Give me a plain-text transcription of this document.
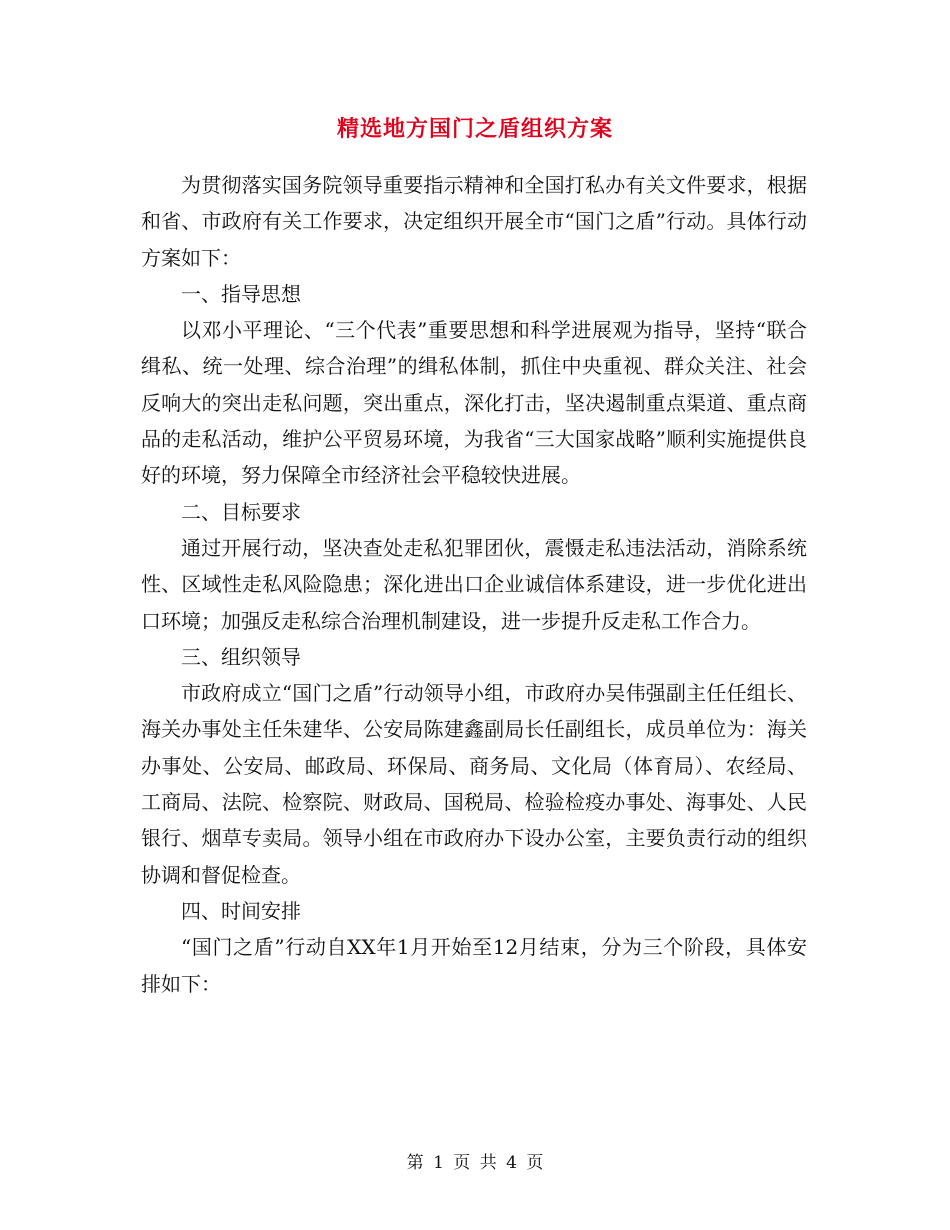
精选地方国门之盾组织方案

为贯彻落实国务院领导重要指示精神和全国打私办有关文件要求，根据和省、市政府有关工作要求，决定组织开展全市“国门之盾”行动。具体行动方案如下：

一、指导思想

以邓小平理论、“三个代表”重要思想和科学进展观为指导，坚持“联合缉私、统一处理、综合治理”的缉私体制，抓住中央重视、群众关注、社会反响大的突出走私问题，突出重点，深化打击，坚决遏制重点渠道、重点商品的走私活动，维护公平贸易环境，为我省“三大国家战略”顺利实施提供良好的环境，努力保障全市经济社会平稳较快进展。

二、目标要求

通过开展行动，坚决查处走私犯罪团伙，震慑走私违法活动，消除系统性、区域性走私风险隐患；深化进出口企业诚信体系建设，进一步优化进出口环境；加强反走私综合治理机制建设，进一步提升反走私工作合力。

三、组织领导

市政府成立“国门之盾”行动领导小组，市政府办吴伟强副主任任组长、海关办事处主任朱建华、公安局陈建鑫副局长任副组长，成员单位为：海关办事处、公安局、邮政局、环保局、商务局、文化局（体育局）、农经局、工商局、法院、检察院、财政局、国税局、检验检疫办事处、海事处、人民银行、烟草专卖局。领导小组在市政府办下设办公室，主要负责行动的组织协调和督促检查。

四、时间安排

“国门之盾”行动自XX年1月开始至12月结束，分为三个阶段，具体安排如下：

第 1 页 共 4 页
